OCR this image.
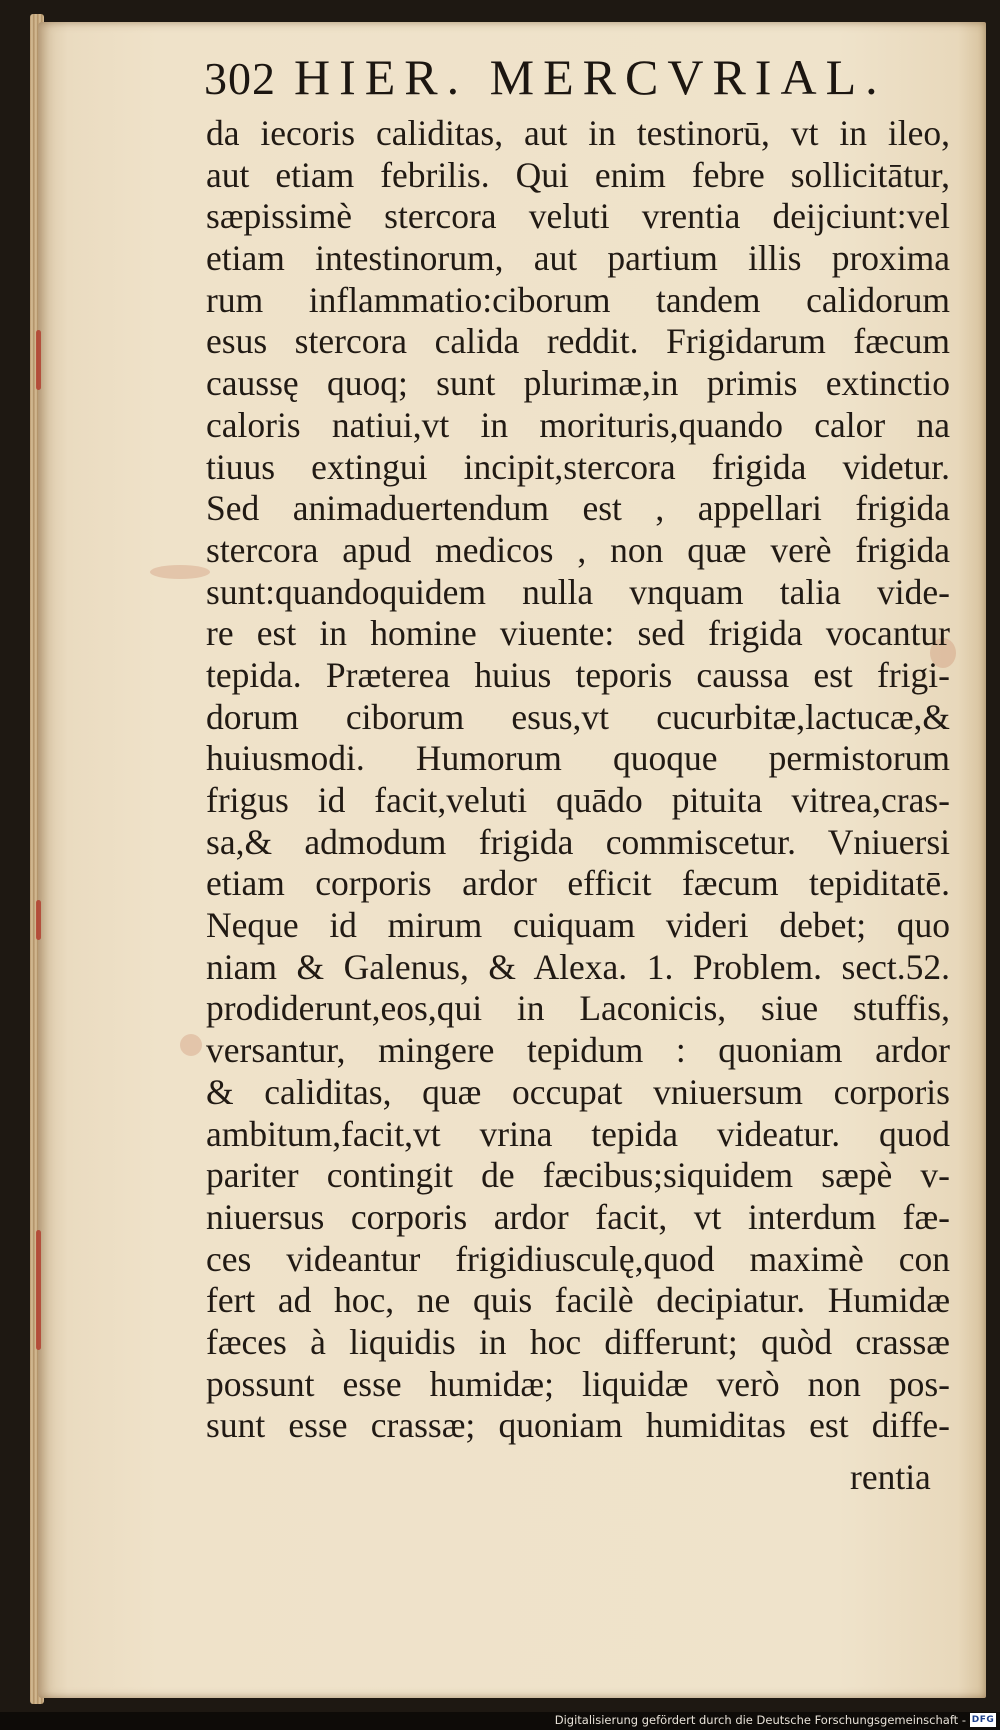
302 HIER. MERCVRIAL.
da iecoris caliditas, aut in testinorū, vt in ileo,
aut etiam febrilis. Qui enim febre sollicitātur,
sæpissimè stercora veluti vrentia deijciunt:vel
etiam intestinorum, aut partium illis proxima
rum inflammatio:ciborum tandem calidorum
esus stercora calida reddit. Frigidarum fæcum
caussę quoq; sunt plurimæ,in primis extinctio
caloris natiui,vt in morituris,quando calor na
tiuus extingui incipit,stercora frigida videtur.
Sed animaduertendum est , appellari frigida
stercora apud medicos , non quæ verè frigida
sunt:quandoquidem nulla vnquam talia vide-
re est in homine viuente: sed frigida vocantur
tepida. Præterea huius teporis caussa est frigi-
dorum ciborum esus,vt cucurbitæ,lactucæ,&
huiusmodi. Humorum quoque permistorum
frigus id facit,veluti quādo pituita vitrea,cras-
sa,& admodum frigida commiscetur. Vniuersi
etiam corporis ardor efficit fæcum tepiditatē.
Neque id mirum cuiquam videri debet; quo
niam & Galenus, & Alexa. 1. Problem. sect.52.
prodiderunt,eos,qui in Laconicis, siue stuffis,
versantur, mingere tepidum : quoniam ardor
& caliditas, quæ occupat vniuersum corporis
ambitum,facit,vt vrina tepida videatur. quod
pariter contingit de fæcibus;siquidem sæpè v-
niuersus corporis ardor facit, vt interdum fæ-
ces videantur frigidiusculę,quod maximè con
fert ad hoc, ne quis facilè decipiatur. Humidæ
fæces à liquidis in hoc differunt; quòd crassæ
possunt esse humidæ; liquidæ verò non pos-
sunt esse crassæ; quoniam humiditas est diffe-
rentia
Digitalisierung gefördert durch die Deutsche Forschungsgemeinschaft - DFG
